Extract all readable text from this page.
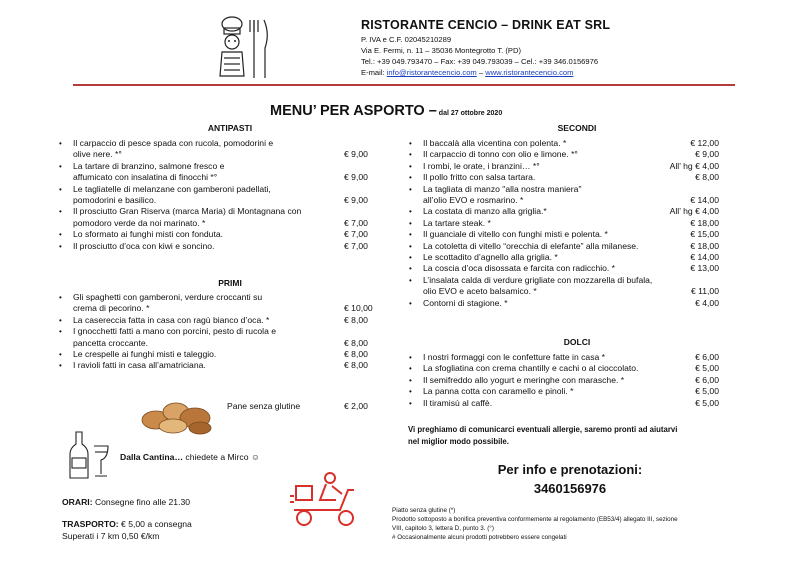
RISTORANTE CENCIO – DRINK EAT SRL
P. IVA e C.F. 02045210289
Via E. Fermi, n. 11 – 35036 Montegrotto T. (PD)
Tel.: +39 049.793470 – Fax: +39 049.793039 – Cel.: +39 346.0156976
E-mail: info@ristorantecencio.com – www.ristorantecencio.com
MENU’ PER ASPORTO – dal 27 ottobre 2020
ANTIPASTI
• Il carpaccio di pesce spada con rucola, pomodorini e
olive nere. *°	€ 9,00
• La tartare di branzino, salmone fresco e
affumicato con insalatina di finocchi *°	€ 9,00
• Le tagliatelle di melanzane con gamberoni padellati,
pomodorini e basilico.	€ 9,00
• Il prosciutto Gran Riserva (marca Maria) di Montagnana con
pomodoro verde da noi marinato. *	€ 7,00
• Lo sformato ai funghi misti con fonduta.	€ 7,00
• Il prosciutto d’oca con kiwi e soncino.	€ 7,00
PRIMI
• Gli spaghetti con gamberoni, verdure croccanti su
crema di pecorino. *	€ 10,00
• La casereccia fatta in casa con ragù bianco d’oca. *	€ 8,00
• I gnocchetti fatti a mano con porcini, pesto di rucola e
pancetta croccante.	€ 8,00
• Le crespelle ai funghi misti e taleggio.	€ 8,00
• I ravioli fatti in casa all’amatriciana.	€ 8,00
Pane senza glutine	€ 2,00
Dalla Cantina… chiedete a Mirco ☺
ORARI: Consegne fino alle 21.30
TRASPORTO: € 5,00 a consegna
Superati i 7 km 0,50 €/km
SECONDI
• Il baccalà alla vicentina con polenta. *	€ 12,00
• Il carpaccio di tonno con olio e limone. *°	€ 9,00
• I rombi, le orate, i branzini… *°	All’ hg € 4,00
• Il pollo fritto con salsa tartara.	€ 8,00
• La tagliata di manzo "alla nostra maniera"
all’olio EVO e rosmarino. *	€ 14,00
• La costata di manzo alla griglia.*	All’ hg € 4,00
• La tartare steak. *	€ 18,00
• Il guanciale di vitello con funghi misti e polenta. *	€ 15,00
• La cotoletta di vitello “orecchia di elefante” alla milanese.	€ 18,00
• Le scottadito d’agnello alla griglia. *	€ 14,00
• La coscia d’oca disossata e farcita con radicchio. *	€ 13,00
• L’insalata calda di verdure grigliate con mozzarella di bufala,
olio EVO e aceto balsamico. *	€ 11,00
• Contorni di stagione. *	€ 4,00
DOLCI
• I nostri formaggi con le confetture fatte in casa *	€ 6,00
• La sfogliatina con crema chantilly e cachi o al cioccolato.	€ 5,00
• Il semifreddo allo yogurt e meringhe con marasche. *	€ 6,00
• La panna cotta con caramello e pinoli. *	€ 5,00
• Il tiramisù al caffè.	€ 5,00
Vi preghiamo di comunicarci eventuali allergie, saremo pronti ad aiutarvi
nel miglior modo possibile.
Per info e prenotazioni:
3460156976
Piatto senza glutine (*)
Prodotto sottoposto a bonifica preventiva conformemente al regolamento (EB53/4) allegato III, sezione
VIII, capitolo 3, lettera D, punto 3. (°)
# Occasionalmente alcuni prodotti potrebbero essere congelati
